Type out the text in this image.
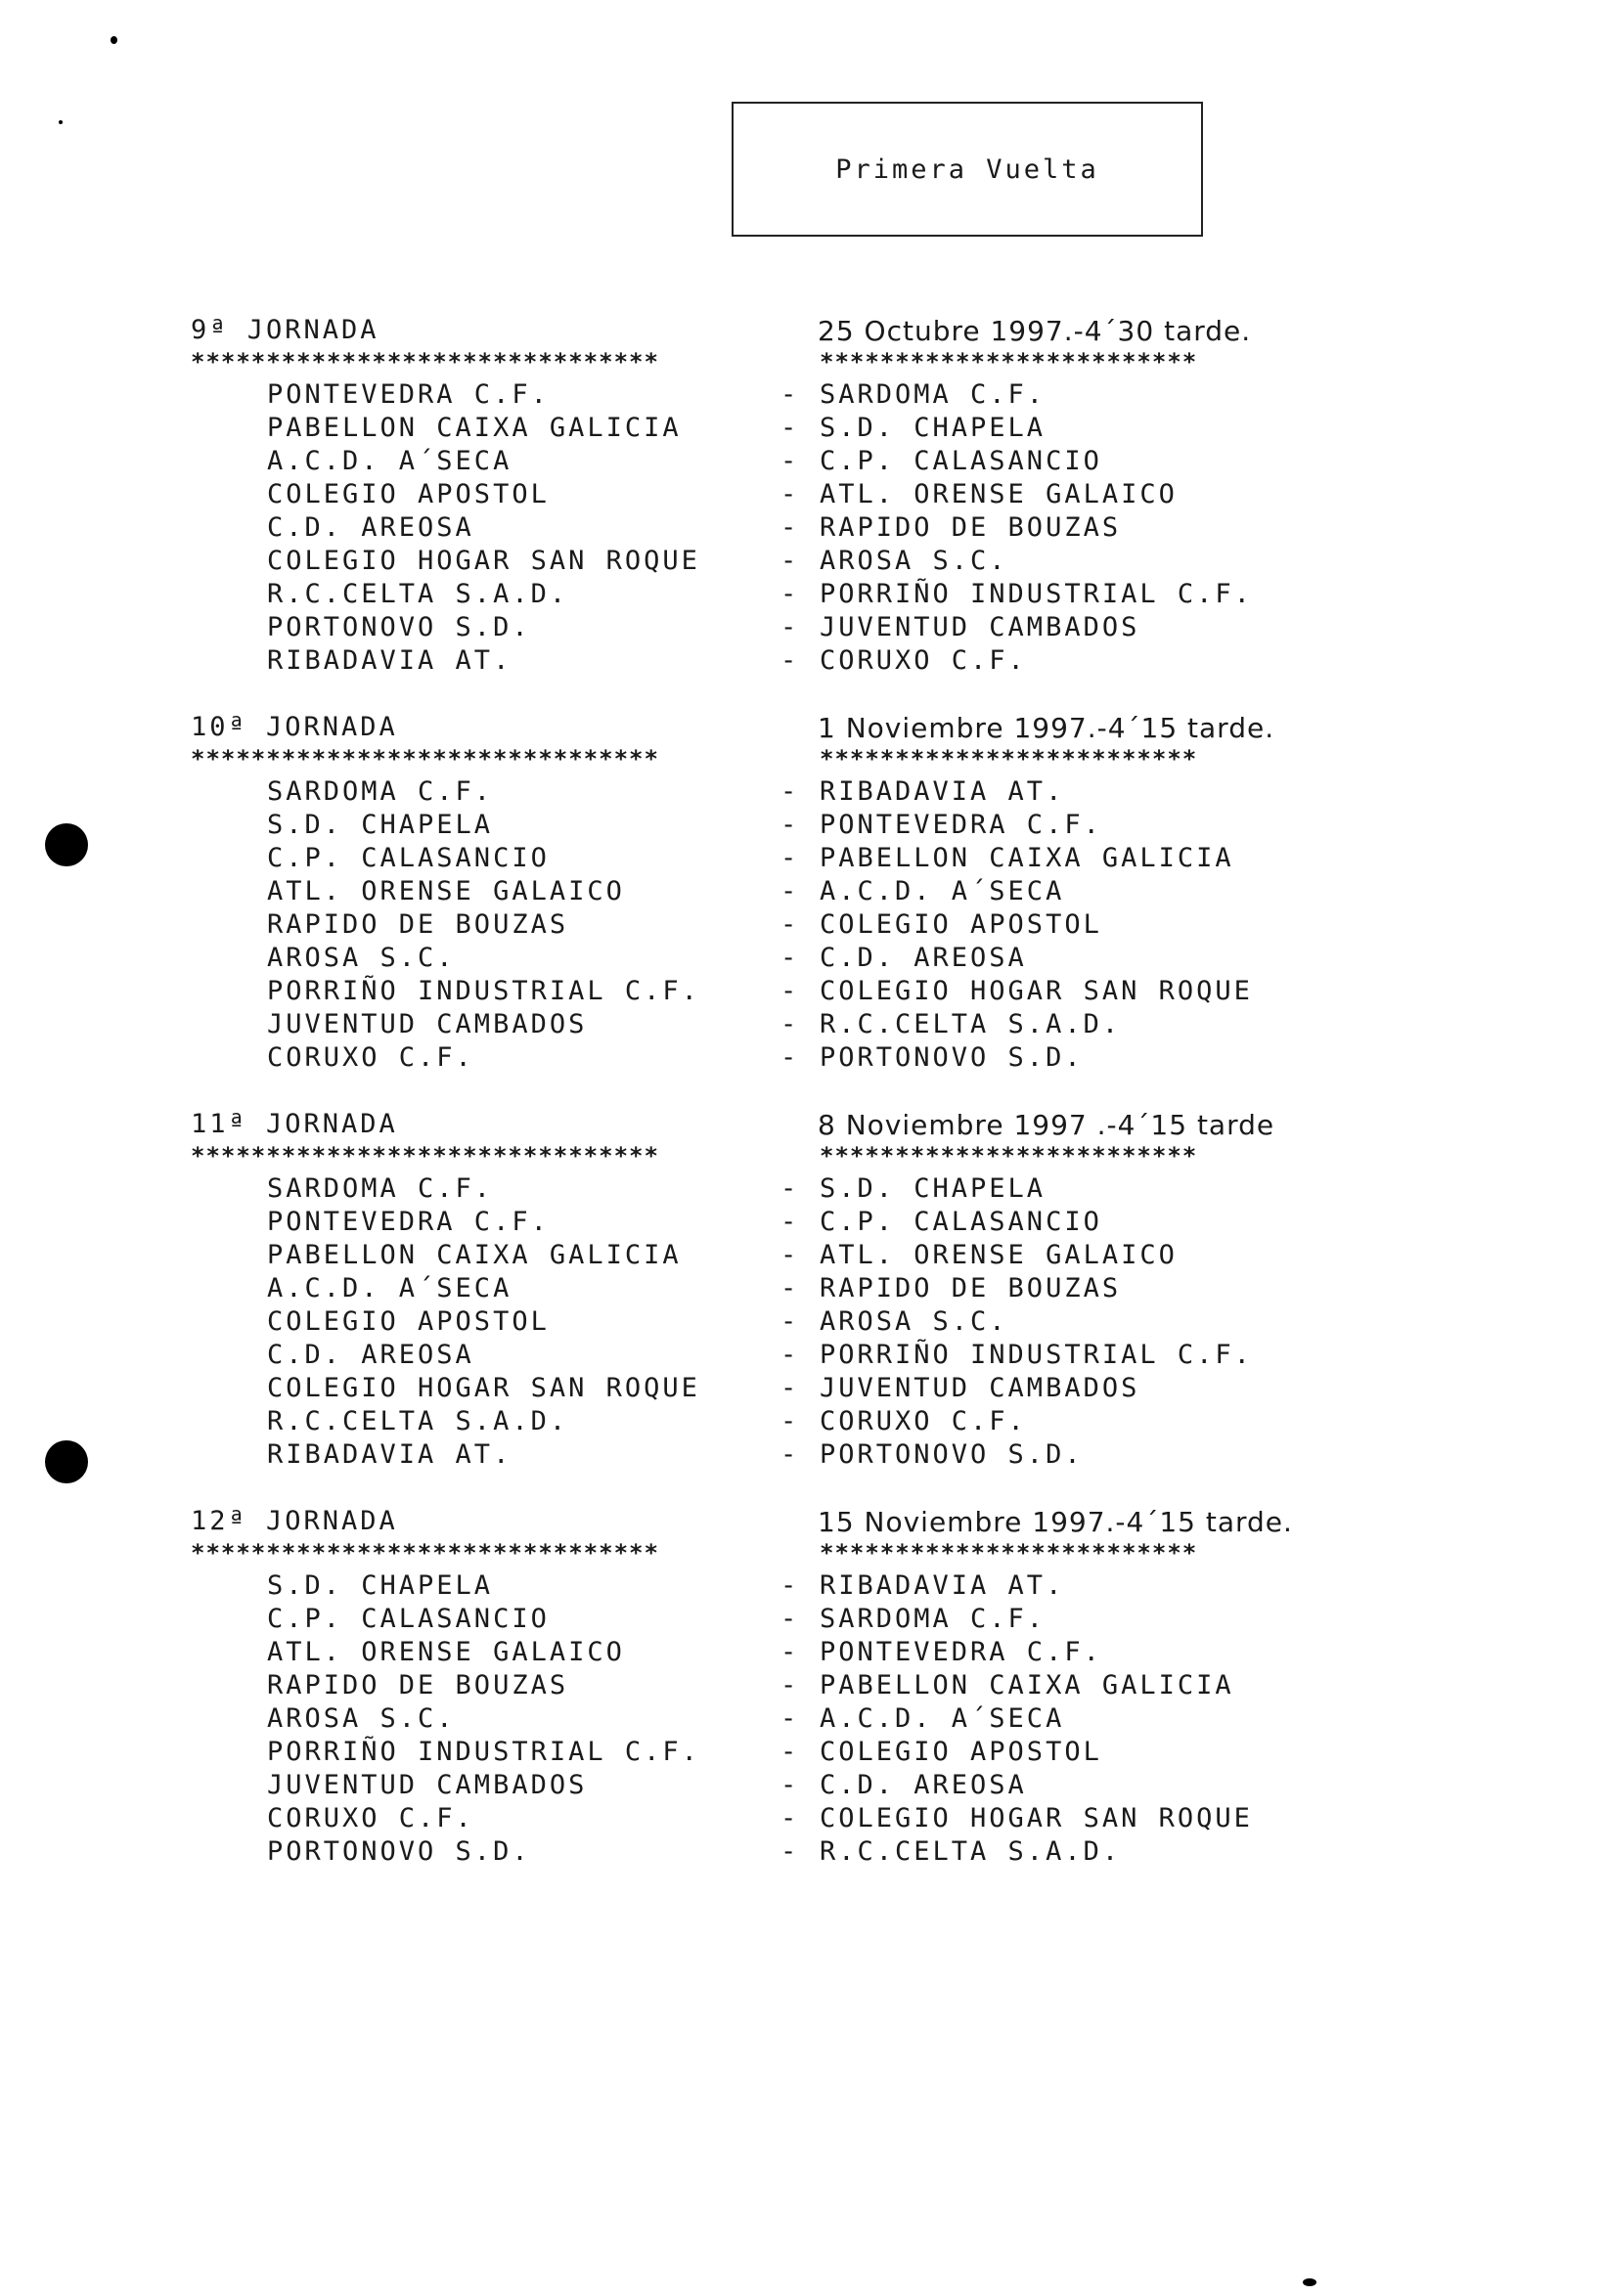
Primera Vuelta
9ª JORNADA	25 Octubre 1997.-4´30 tarde.
*******************************	*************************
PONTEVEDRA C.F.	- SARDOMA C.F.
PABELLON CAIXA GALICIA	- S.D. CHAPELA
A.C.D. A´SECA	- C.P. CALASANCIO
COLEGIO APOSTOL	- ATL. ORENSE GALAICO
C.D. AREOSA	- RAPIDO DE BOUZAS
COLEGIO HOGAR SAN ROQUE	- AROSA S.C.
R.C.CELTA S.A.D.	- PORRIÑO INDUSTRIAL C.F.
PORTONOVO S.D.	- JUVENTUD CAMBADOS
RIBADAVIA AT.	- CORUXO C.F.
10ª JORNADA	1 Noviembre 1997.-4´15 tarde.
*******************************	*************************
SARDOMA C.F.	- RIBADAVIA AT.
S.D. CHAPELA	- PONTEVEDRA C.F.
C.P. CALASANCIO	- PABELLON CAIXA GALICIA
ATL. ORENSE GALAICO	- A.C.D. A´SECA
RAPIDO DE BOUZAS	- COLEGIO APOSTOL
AROSA S.C.	- C.D. AREOSA
PORRIÑO INDUSTRIAL C.F.	- COLEGIO HOGAR SAN ROQUE
JUVENTUD CAMBADOS	- R.C.CELTA S.A.D.
CORUXO C.F.	- PORTONOVO S.D.
11ª JORNADA	8 Noviembre 1997 .-4´15 tarde
*******************************	*************************
SARDOMA C.F.	- S.D. CHAPELA
PONTEVEDRA C.F.	- C.P. CALASANCIO
PABELLON CAIXA GALICIA	- ATL. ORENSE GALAICO
A.C.D. A´SECA	- RAPIDO DE BOUZAS
COLEGIO APOSTOL	- AROSA S.C.
C.D. AREOSA	- PORRIÑO INDUSTRIAL C.F.
COLEGIO HOGAR SAN ROQUE	- JUVENTUD CAMBADOS
R.C.CELTA S.A.D.	- CORUXO C.F.
RIBADAVIA AT.	- PORTONOVO S.D.
12ª JORNADA	15 Noviembre 1997.-4´15 tarde.
*******************************	*************************
S.D. CHAPELA	- RIBADAVIA AT.
C.P. CALASANCIO	- SARDOMA C.F.
ATL. ORENSE GALAICO	- PONTEVEDRA C.F.
RAPIDO DE BOUZAS	- PABELLON CAIXA GALICIA
AROSA S.C.	- A.C.D. A´SECA
PORRIÑO INDUSTRIAL C.F.	- COLEGIO APOSTOL
JUVENTUD CAMBADOS	- C.D. AREOSA
CORUXO C.F.	- COLEGIO HOGAR SAN ROQUE
PORTONOVO S.D.	- R.C.CELTA S.A.D.
